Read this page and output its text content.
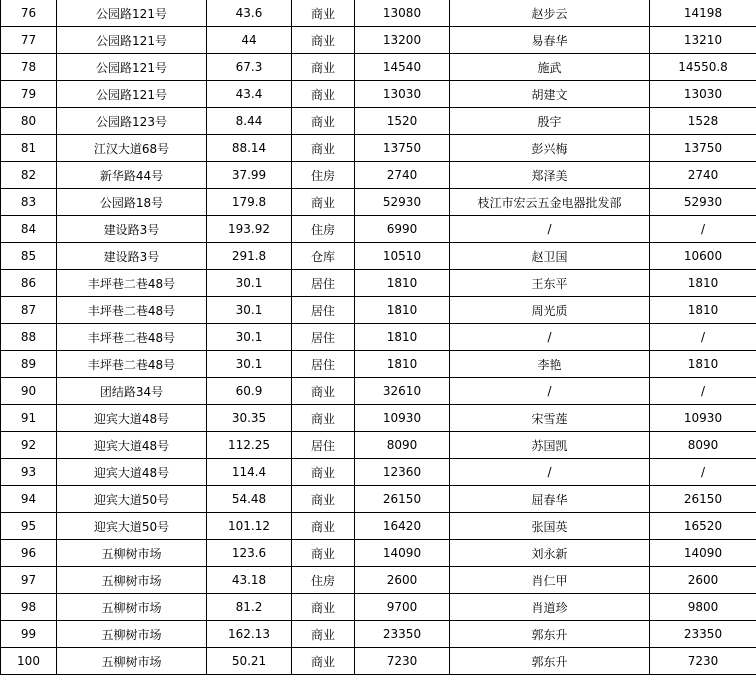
76	公园路121号	43.6	商业	13080	赵步云	14198
77	公园路121号	44	商业	13200	易春华	13210
78	公园路121号	67.3	商业	14540	施武	14550.8
79	公园路121号	43.4	商业	13030	胡建文	13030
80	公园路123号	8.44	商业	1520	殷宇	1528
81	江汉大道68号	88.14	商业	13750	彭兴梅	13750
82	新华路44号	37.99	住房	2740	郑泽美	2740
83	公园路18号	179.8	商业	52930	枝江市宏云五金电器批发部	52930
84	建设路3号	193.92	住房	6990	/	/
85	建设路3号	291.8	仓库	10510	赵卫国	10600
86	丰坪巷二巷48号	30.1	居住	1810	王东平	1810
87	丰坪巷二巷48号	30.1	居住	1810	周光质	1810
88	丰坪巷二巷48号	30.1	居住	1810	/	/
89	丰坪巷二巷48号	30.1	居住	1810	李艳	1810
90	团结路34号	60.9	商业	32610	/	/
91	迎宾大道48号	30.35	商业	10930	宋雪莲	10930
92	迎宾大道48号	112.25	居住	8090	苏国凯	8090
93	迎宾大道48号	114.4	商业	12360	/	/
94	迎宾大道50号	54.48	商业	26150	屈春华	26150
95	迎宾大道50号	101.12	商业	16420	张国英	16520
96	五柳树市场	123.6	商业	14090	刘永新	14090
97	五柳树市场	43.18	住房	2600	肖仁甲	2600
98	五柳树市场	81.2	商业	9700	肖道珍	9800
99	五柳树市场	162.13	商业	23350	郭东升	23350
100	五柳树市场	50.21	商业	7230	郭东升	7230
